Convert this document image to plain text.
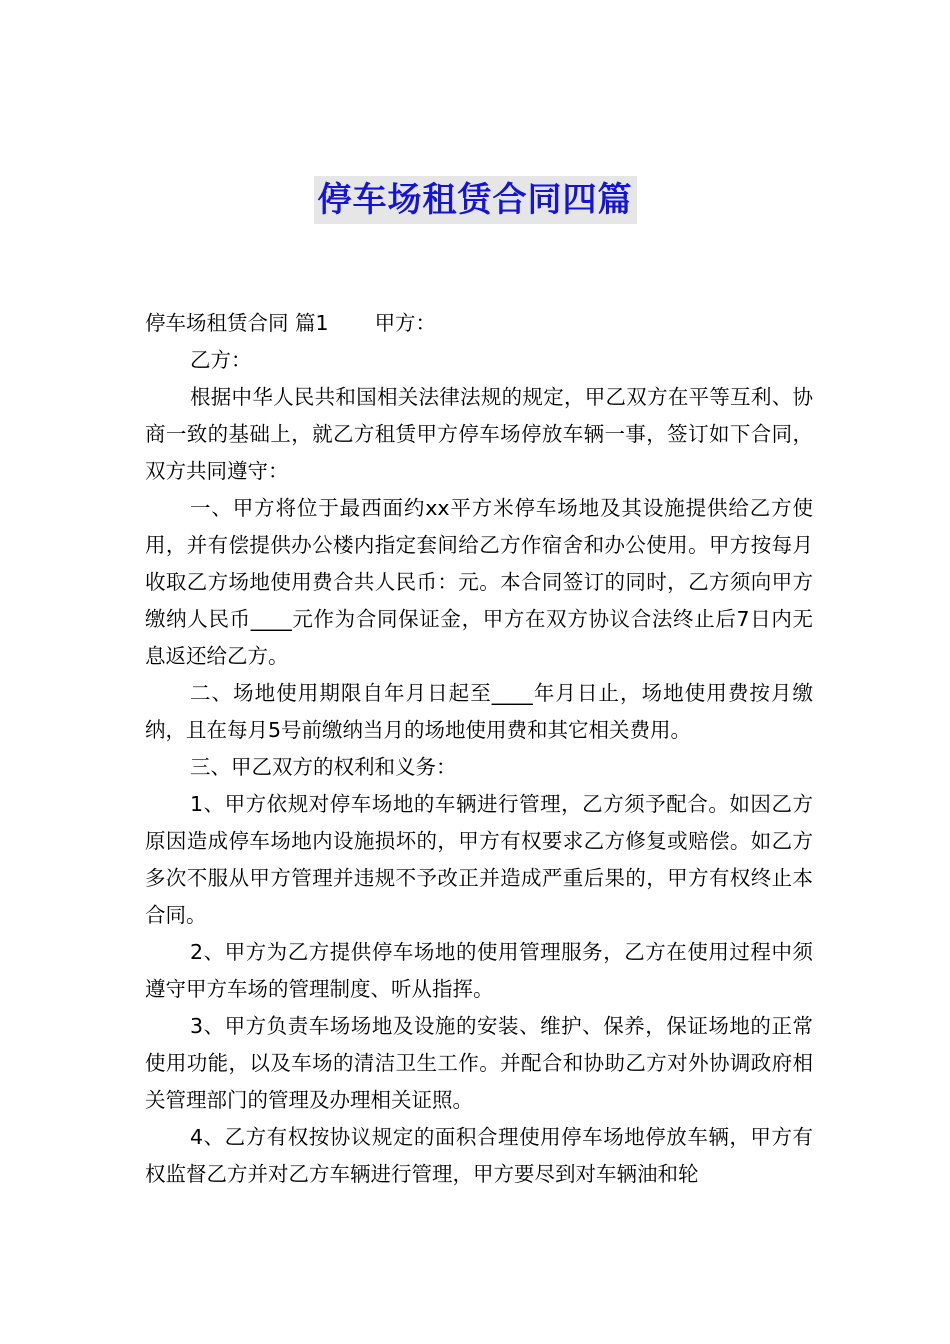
停车场租赁合同四篇

停车场租赁合同 篇1 甲方：

乙方：

根据中华人民共和国相关法律法规的规定，甲乙双方在平等互利、协商一致的基础上，就乙方租赁甲方停车场停放车辆一事，签订如下合同，双方共同遵守：

一、甲方将位于最西面约xx平方米停车场地及其设施提供给乙方使用，并有偿提供办公楼内指定套间给乙方作宿舍和办公使用。甲方按每月收取乙方场地使用费合共人民币：元。本合同签订的同时，乙方须向甲方缴纳人民币____元作为合同保证金，甲方在双方协议合法终止后7日内无息返还给乙方。

二、场地使用期限自年月日起至____年月日止，场地使用费按月缴纳，且在每月5号前缴纳当月的场地使用费和其它相关费用。

三、甲乙双方的权利和义务：

1、甲方依规对停车场地的车辆进行管理，乙方须予配合。如因乙方原因造成停车场地内设施损坏的，甲方有权要求乙方修复或赔偿。如乙方多次不服从甲方管理并违规不予改正并造成严重后果的，甲方有权终止本合同。

2、甲方为乙方提供停车场地的使用管理服务，乙方在使用过程中须遵守甲方车场的管理制度、听从指挥。

3、甲方负责车场场地及设施的安装、维护、保养，保证场地的正常使用功能，以及车场的清洁卫生工作。并配合和协助乙方对外协调政府相关管理部门的管理及办理相关证照。

4、乙方有权按协议规定的面积合理使用停车场地停放车辆，甲方有权监督乙方并对乙方车辆进行管理，甲方要尽到对车辆油和轮
